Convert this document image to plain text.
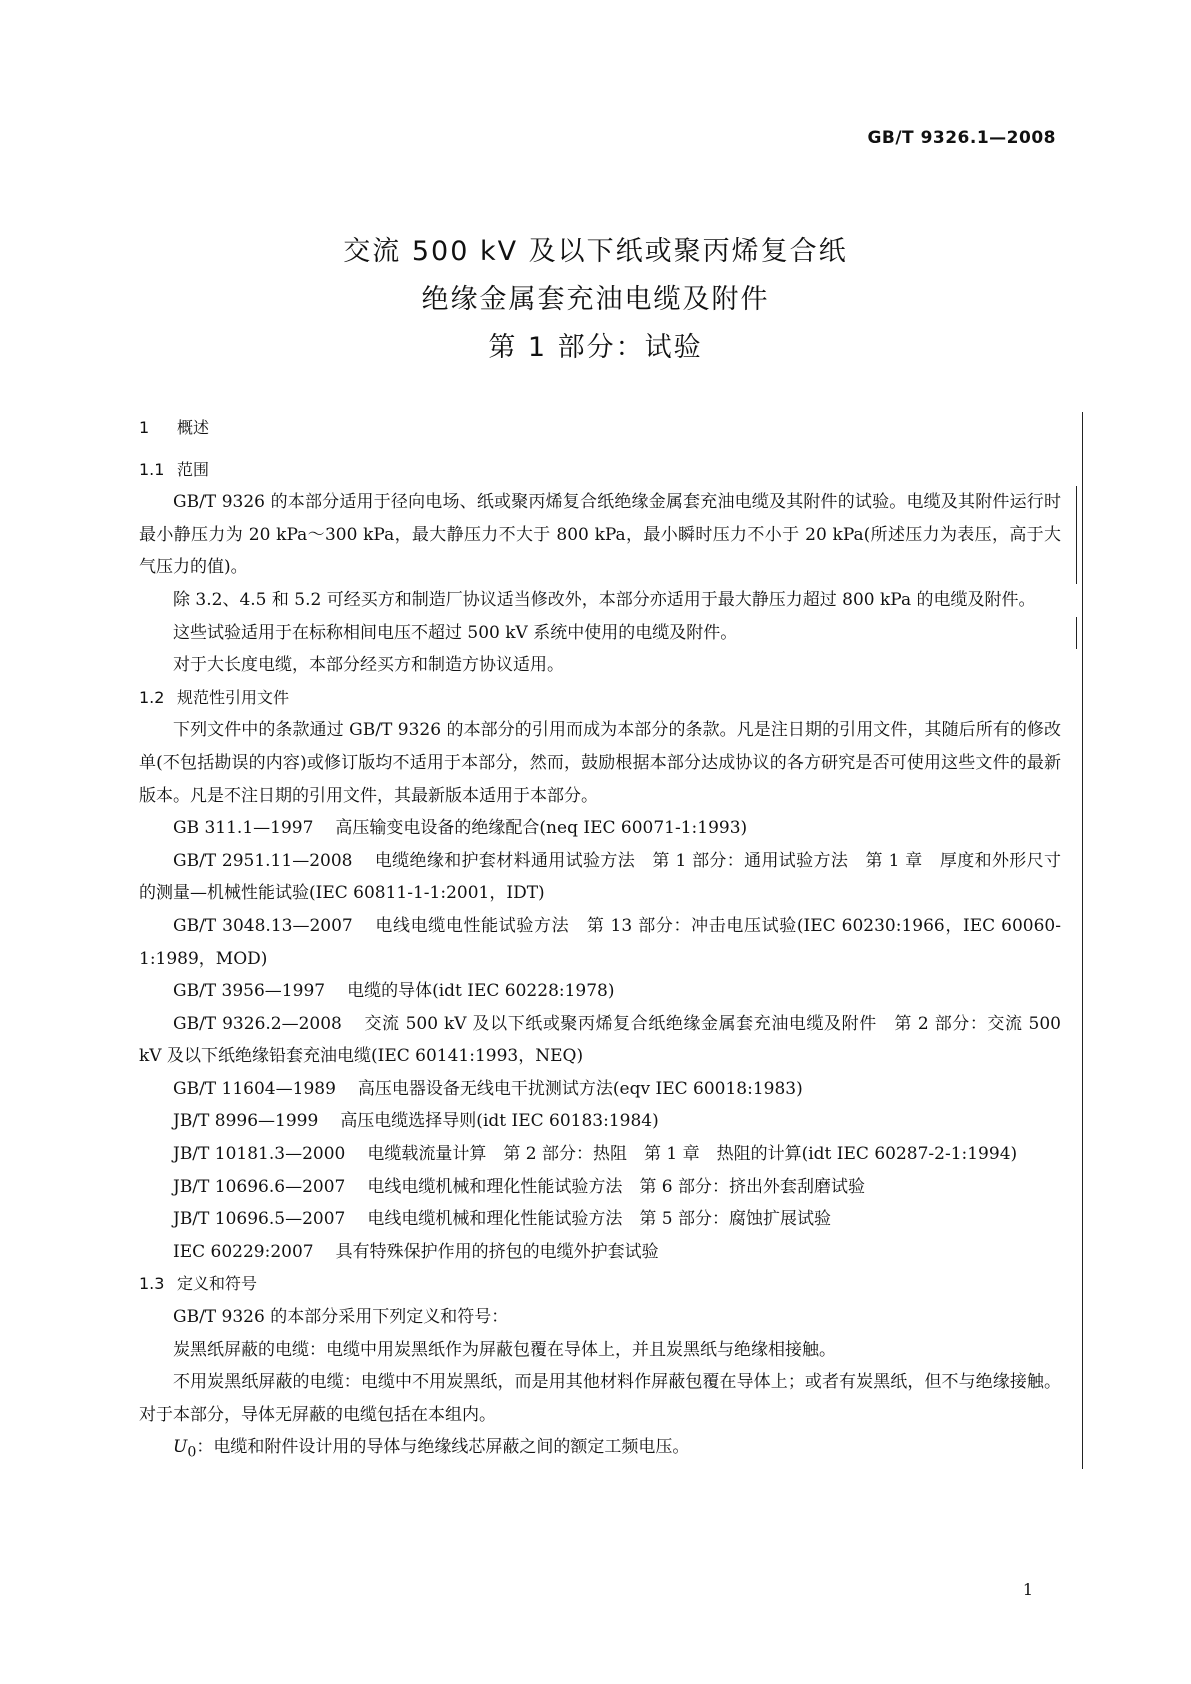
GB/T 9326.1—2008
交流 500 kV 及以下纸或聚丙烯复合纸
绝缘金属套充油电缆及附件
第 1 部分：试验
1 概述
1.1 范围

GB/T 9326 的本部分适用于径向电场、纸或聚丙烯复合纸绝缘金属套充油电缆及其附件的试验。电缆及其附件运行时最小静压力为 20 kPa～300 kPa，最大静压力不大于 800 kPa，最小瞬时压力不小于 20 kPa(所述压力为表压，高于大气压力的值)。

除 3.2、4.5 和 5.2 可经买方和制造厂协议适当修改外，本部分亦适用于最大静压力超过 800 kPa 的电缆及附件。

这些试验适用于在标称相间电压不超过 500 kV 系统中使用的电缆及附件。

对于大长度电缆，本部分经买方和制造方协议适用。

1.2 规范性引用文件

下列文件中的条款通过 GB/T 9326 的本部分的引用而成为本部分的条款。凡是注日期的引用文件，其随后所有的修改单(不包括勘误的内容)或修订版均不适用于本部分，然而，鼓励根据本部分达成协议的各方研究是否可使用这些文件的最新版本。凡是不注日期的引用文件，其最新版本适用于本部分。

GB 311.1—1997 高压输变电设备的绝缘配合(neq IEC 60071-1:1993)
GB/T 2951.11—2008 电缆绝缘和护套材料通用试验方法　第 1 部分：通用试验方法　第 1 章　厚度和外形尺寸的测量—机械性能试验(IEC 60811-1-1:2001，IDT)
GB/T 3048.13—2007 电线电缆电性能试验方法　第 13 部分：冲击电压试验(IEC 60230:1966，IEC 60060-1:1989，MOD)
GB/T 3956—1997 电缆的导体(idt IEC 60228:1978)
GB/T 9326.2—2008 交流 500 kV 及以下纸或聚丙烯复合纸绝缘金属套充油电缆及附件　第 2 部分：交流 500 kV 及以下纸绝缘铅套充油电缆(IEC 60141:1993，NEQ)
GB/T 11604—1989 高压电器设备无线电干扰测试方法(eqv IEC 60018:1983)
JB/T 8996—1999 高压电缆选择导则(idt IEC 60183:1984)
JB/T 10181.3—2000 电缆载流量计算　第 2 部分：热阻　第 1 章　热阻的计算(idt IEC 60287-2-1:1994)
JB/T 10696.6—2007 电线电缆机械和理化性能试验方法　第 6 部分：挤出外套刮磨试验
JB/T 10696.5—2007 电线电缆机械和理化性能试验方法　第 5 部分：腐蚀扩展试验
IEC 60229:2007 具有特殊保护作用的挤包的电缆外护套试验
1.3 定义和符号

GB/T 9326 的本部分采用下列定义和符号：

炭黑纸屏蔽的电缆：电缆中用炭黑纸作为屏蔽包覆在导体上，并且炭黑纸与绝缘相接触。

不用炭黑纸屏蔽的电缆：电缆中不用炭黑纸，而是用其他材料作屏蔽包覆在导体上；或者有炭黑纸，但不与绝缘接触。对于本部分，导体无屏蔽的电缆包括在本组内。

$U_0$：电缆和附件设计用的导体与绝缘线芯屏蔽之间的额定工频电压。

1
